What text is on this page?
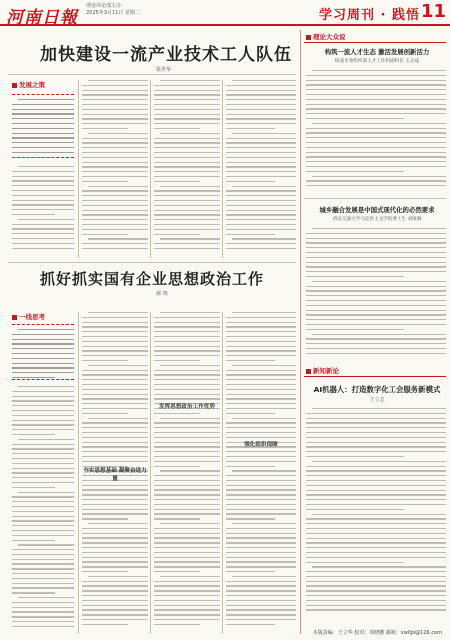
河南日報
理论评论部主办
2025年3月11日 星期二	学习周刊 · 践悟 11
加快建设一流产业技术工人队伍
梁世华
发展之策
抓好抓实国有企业思想政治工作
郝 翔
一线思考
夯实思想基础 凝聚奋进力量
发挥思想政治工作优势
强化组织保障
理论大众说
构筑一流人才生态 激活发展创新活力
杨凌市委组织部人才工作科副科长 王志成
城乡融合发展是中国式现代化的必然要求
西安交通大学马克思主义学院博士生 刘康琳
新知新论
AI机器人：打造数字化工会服务新模式
王立志
本版责编：王立华 校对：周晓鹏 邮箱：xwllpl@126.com
